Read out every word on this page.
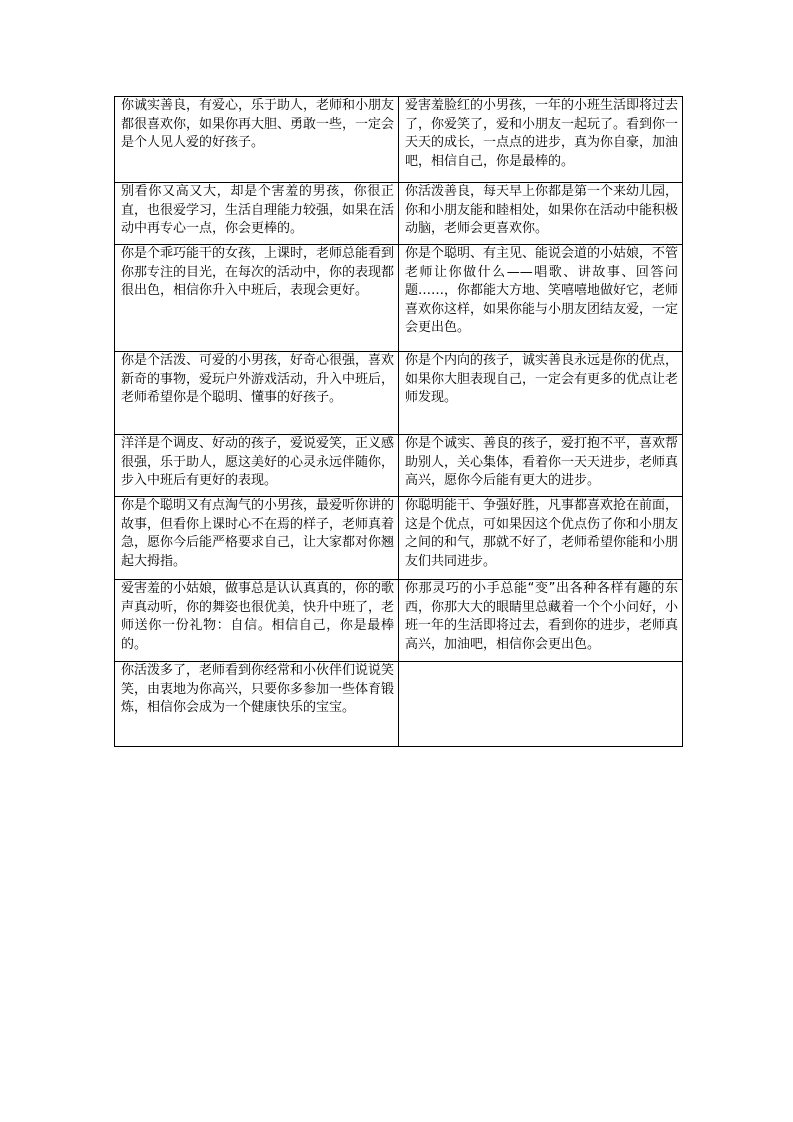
你诚实善良，有爱心，乐于助人，老师和小朋友都很喜欢你，如果你再大胆、勇敢一些，一定会是个人见人爱的好孩子。	爱害羞脸红的小男孩，一年的小班生活即将过去了，你爱笑了，爱和小朋友一起玩了。看到你一天天的成长，一点点的进步，真为你自豪，加油吧，相信自己，你是最棒的。
别看你又高又大，却是个害羞的男孩，你很正直，也很爱学习，生活自理能力较强，如果在活动中再专心一点，你会更棒的。	你活泼善良，每天早上你都是第一个来幼儿园，你和小朋友能和睦相处，如果你在活动中能积极动脑，老师会更喜欢你。
你是个乖巧能干的女孩，上课时，老师总能看到你那专注的目光，在每次的活动中，你的表现都很出色，相信你升入中班后，表现会更好。	你是个聪明、有主见、能说会道的小姑娘，不管老师让你做什么——唱歌、讲故事、回答问题……，你都能大方地、笑嘻嘻地做好它，老师喜欢你这样，如果你能与小朋友团结友爱，一定会更出色。
你是个活泼、可爱的小男孩，好奇心很强，喜欢新奇的事物，爱玩户外游戏活动，升入中班后，老师希望你是个聪明、懂事的好孩子。	你是个内向的孩子，诚实善良永远是你的优点，如果你大胆表现自己，一定会有更多的优点让老师发现。
洋洋是个调皮、好动的孩子，爱说爱笑，正义感很强，乐于助人，愿这美好的心灵永远伴随你，步入中班后有更好的表现。	你是个诚实、善良的孩子，爱打抱不平，喜欢帮助别人，关心集体，看着你一天天进步，老师真高兴，愿你今后能有更大的进步。
你是个聪明又有点淘气的小男孩，最爱听你讲的故事，但看你上课时心不在焉的样子，老师真着急，愿你今后能严格要求自己，让大家都对你翘起大拇指。	你聪明能干、争强好胜，凡事都喜欢抢在前面，这是个优点，可如果因这个优点伤了你和小朋友之间的和气，那就不好了，老师希望你能和小朋友们共同进步。
爱害羞的小姑娘，做事总是认认真真的，你的歌声真动听，你的舞姿也很优美，快升中班了，老师送你一份礼物：自信。相信自己，你是最棒的。	你那灵巧的小手总能“变”出各种各样有趣的东西，你那大大的眼睛里总藏着一个个小问好，小班一年的生活即将过去，看到你的进步，老师真高兴，加油吧，相信你会更出色。
你活泼多了，老师看到你经常和小伙伴们说说笑笑，由衷地为你高兴，只要你多参加一些体育锻炼，相信你会成为一个健康快乐的宝宝。	
